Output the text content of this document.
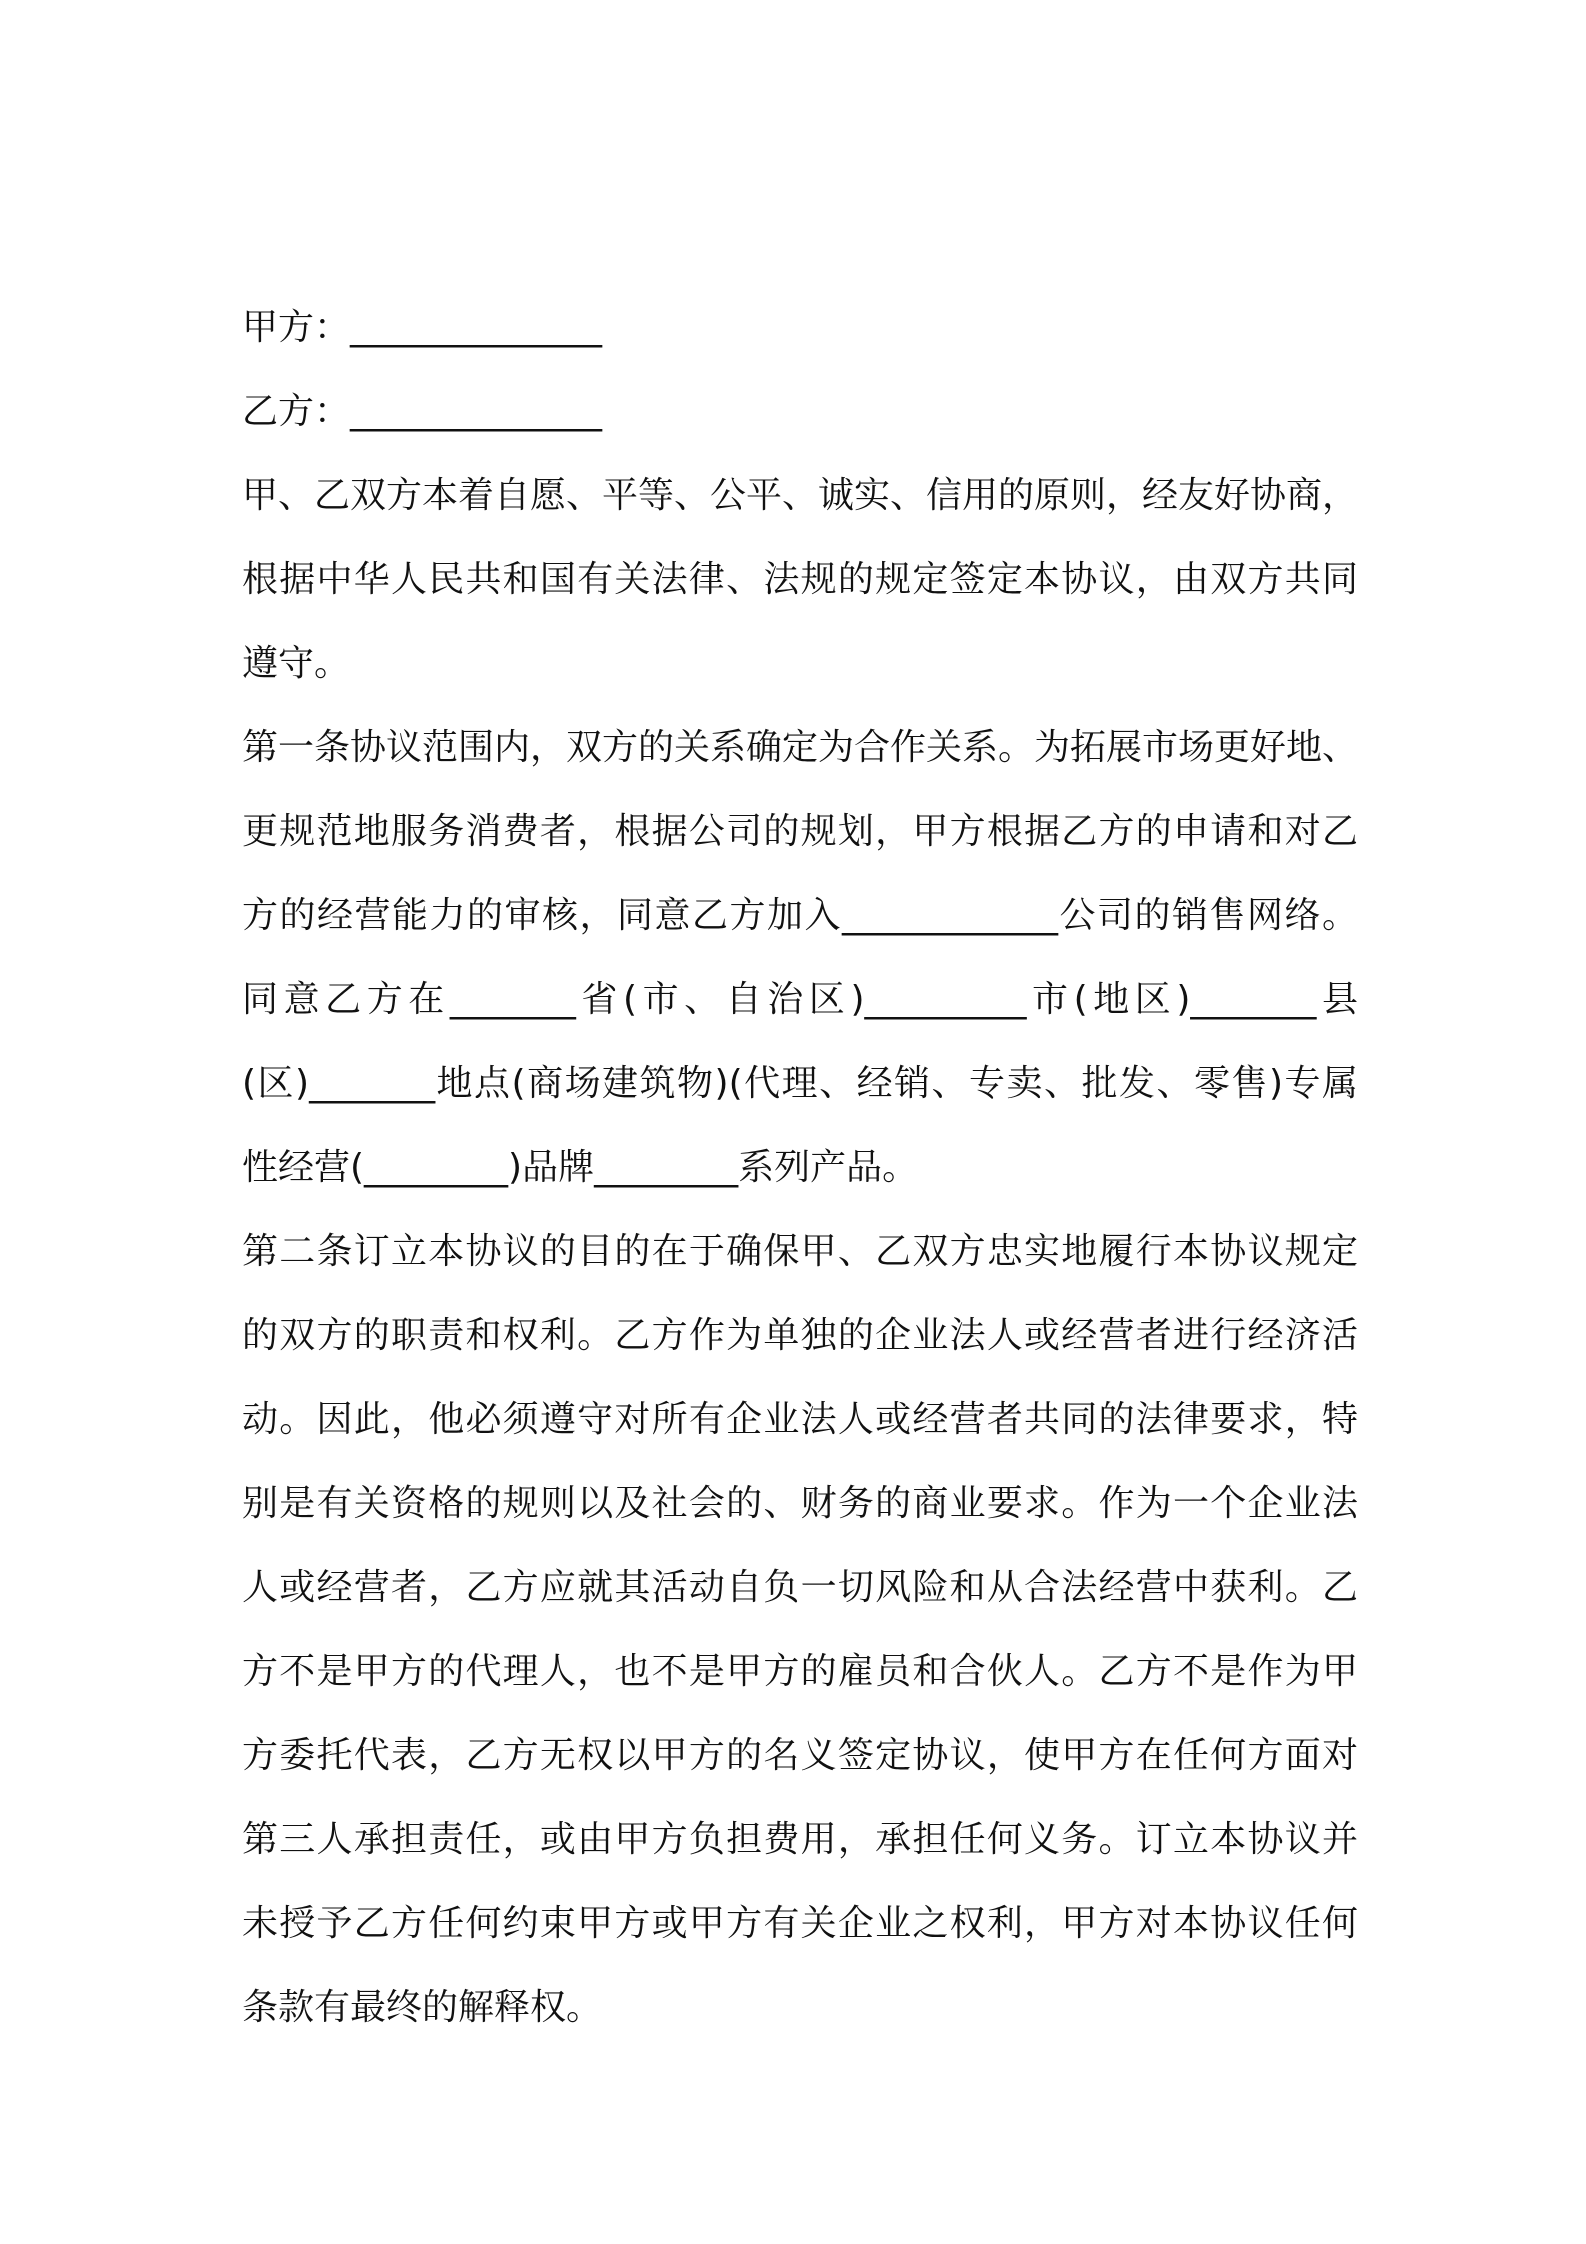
甲方：______________
乙方：______________
甲、乙双方本着自愿、平等、公平、诚实、信用的原则，经友好协商，
根据中华人民共和国有关法律、法规的规定签定本协议，由双方共同
遵守。
第一条协议范围内，双方的关系确定为合作关系。为拓展市场更好地、
更规范地服务消费者，根据公司的规划，甲方根据乙方的申请和对乙
方的经营能力的审核，同意乙方加入____________公司的销售网络。
同意乙方在_______省(市、自治区)_________市(地区)_______县
(区)_______地点(商场建筑物)(代理、经销、专卖、批发、零售)专属
性经营(________)品牌________系列产品。
第二条订立本协议的目的在于确保甲、乙双方忠实地履行本协议规定
的双方的职责和权利。乙方作为单独的企业法人或经营者进行经济活
动。因此，他必须遵守对所有企业法人或经营者共同的法律要求，特
别是有关资格的规则以及社会的、财务的商业要求。作为一个企业法
人或经营者，乙方应就其活动自负一切风险和从合法经营中获利。乙
方不是甲方的代理人，也不是甲方的雇员和合伙人。乙方不是作为甲
方委托代表，乙方无权以甲方的名义签定协议，使甲方在任何方面对
第三人承担责任，或由甲方负担费用，承担任何义务。订立本协议并
未授予乙方任何约束甲方或甲方有关企业之权利，甲方对本协议任何
条款有最终的解释权。
